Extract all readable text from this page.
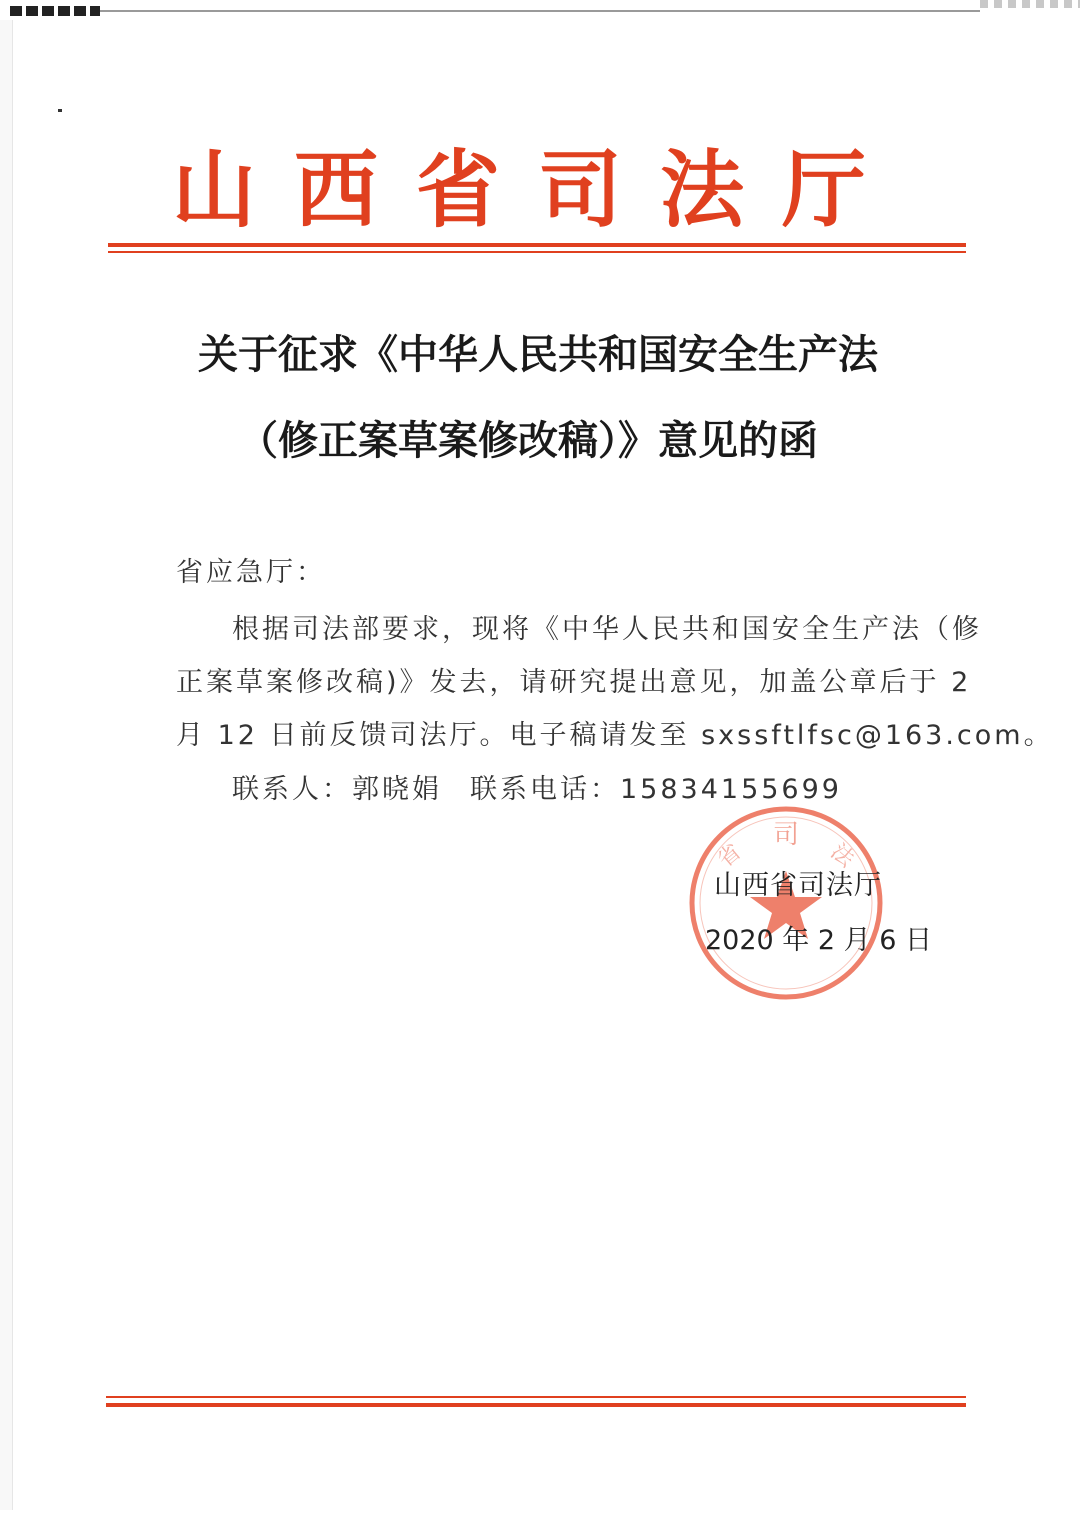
山西省司法厅
关于征求《中华人民共和国安全生产法
（修正案草案修改稿）》意见的函
省应急厅：
根据司法部要求，现将《中华人民共和国安全生产法（修
正案草案修改稿)》发去，请研究提出意见，加盖公章后于 2
月 12 日前反馈司法厅。电子稿请发至 sxssftlfsc@163.com。
联系人：郭晓娟 联系电话：15834155699
司
省	法
山西省司法厅
2020 年 2 月 6 日
